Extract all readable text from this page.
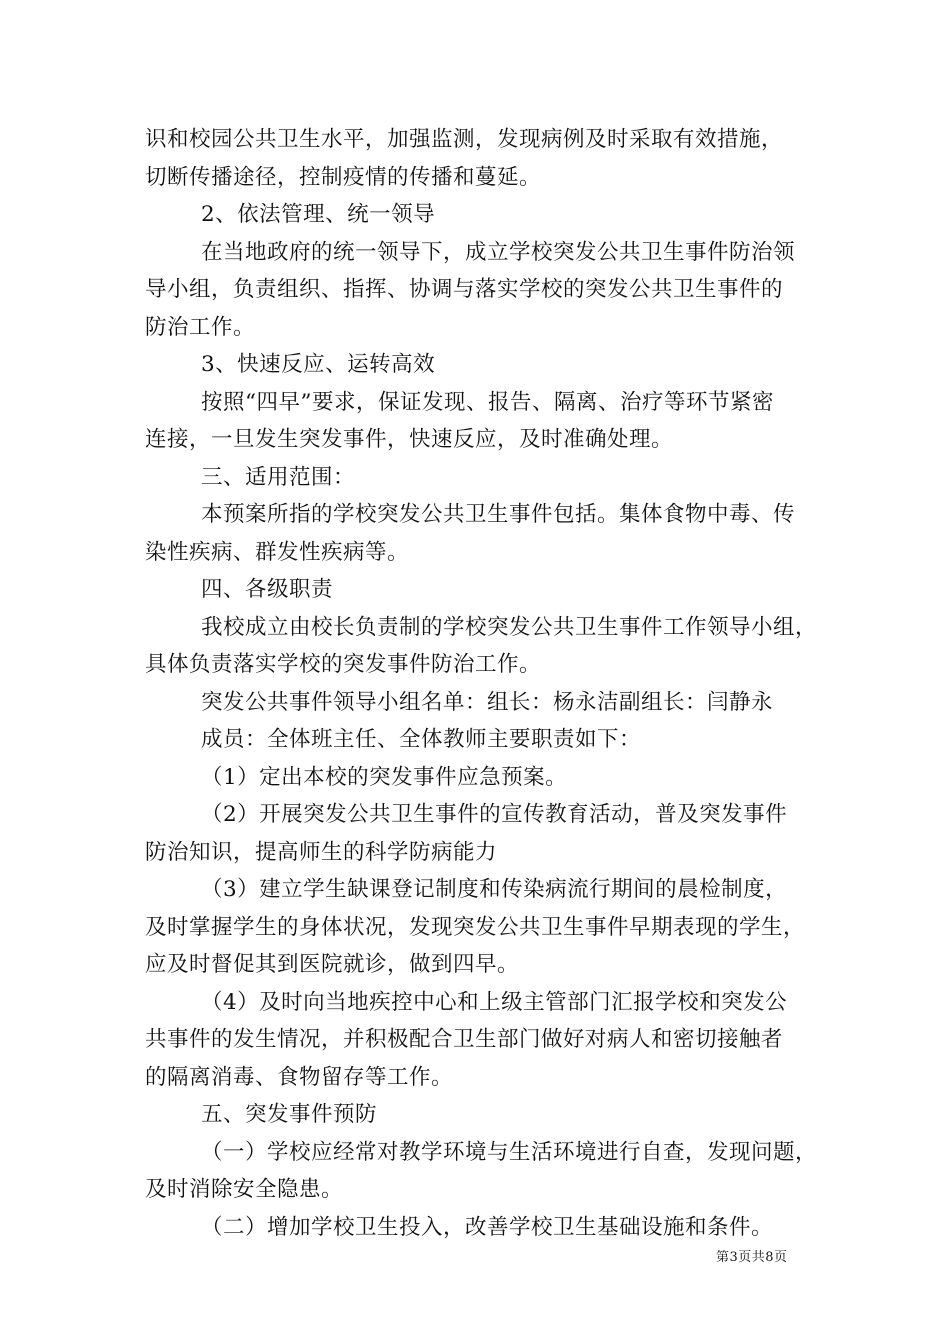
识和校园公共卫生水平，加强监测，发现病例及时采取有效措施，

切断传播途径，控制疫情的传播和蔓延。

2、依法管理、统一领导

在当地政府的统一领导下，成立学校突发公共卫生事件防治领

导小组，负责组织、指挥、协调与落实学校的突发公共卫生事件的

防治工作。

3、快速反应、运转高效

按照“四早”要求，保证发现、报告、隔离、治疗等环节紧密

连接，一旦发生突发事件，快速反应，及时准确处理。

三、适用范围：

本预案所指的学校突发公共卫生事件包括。集体食物中毒、传

染性疾病、群发性疾病等。

四、各级职责

我校成立由校长负责制的学校突发公共卫生事件工作领导小组，

具体负责落实学校的突发事件防治工作。

突发公共事件领导小组名单：组长：杨永洁副组长：闫静永

成员：全体班主任、全体教师主要职责如下：

（1）定出本校的突发事件应急预案。

（2）开展突发公共卫生事件的宣传教育活动，普及突发事件

防治知识，提高师生的科学防病能力

（3）建立学生缺课登记制度和传染病流行期间的晨检制度，

及时掌握学生的身体状况，发现突发公共卫生事件早期表现的学生，

应及时督促其到医院就诊，做到四早。

（4）及时向当地疾控中心和上级主管部门汇报学校和突发公

共事件的发生情况，并积极配合卫生部门做好对病人和密切接触者

的隔离消毒、食物留存等工作。

五、突发事件预防

（一）学校应经常对教学环境与生活环境进行自查，发现问题，

及时消除安全隐患。

（二）增加学校卫生投入，改善学校卫生基础设施和条件。

第3页共8页
